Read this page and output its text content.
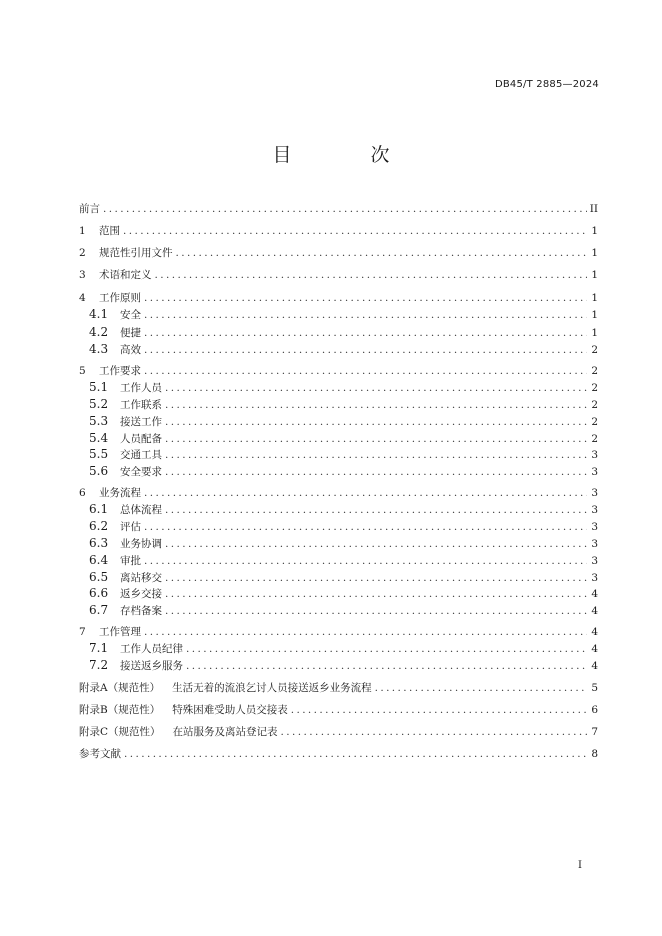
DB45/T 2885—2024
目　次
前言 .....	II
1 范围 .....	1
2 规范性引用文件 .....	1
3 术语和定义 .....	1
4 工作原则 .....	1
4.1 安全 .....	1
4.2 便捷 .....	1
4.3 高效 .....	2
5 工作要求 .....	2
5.1 工作人员 .....	2
5.2 工作联系 .....	2
5.3 接送工作 .....	2
5.4 人员配备 .....	2
5.5 交通工具 .....	3
5.6 安全要求 .....	3
6 业务流程 .....	3
6.1 总体流程 .....	3
6.2 评估 .....	3
6.3 业务协调 .....	3
6.4 审批 .....	3
6.5 离站移交 .....	3
6.6 返乡交接 .....	4
6.7 存档备案 .....	4
7 工作管理 .....	4
7.1 工作人员纪律 .....	4
7.2 接送返乡服务 .....	4
附录A（规范性） 生活无着的流浪乞讨人员接送返乡业务流程 .....	5
附录B（规范性） 特殊困难受助人员交接表 .....	6
附录C（规范性） 在站服务及离站登记表 .....	7
参考文献 .....	8
I
